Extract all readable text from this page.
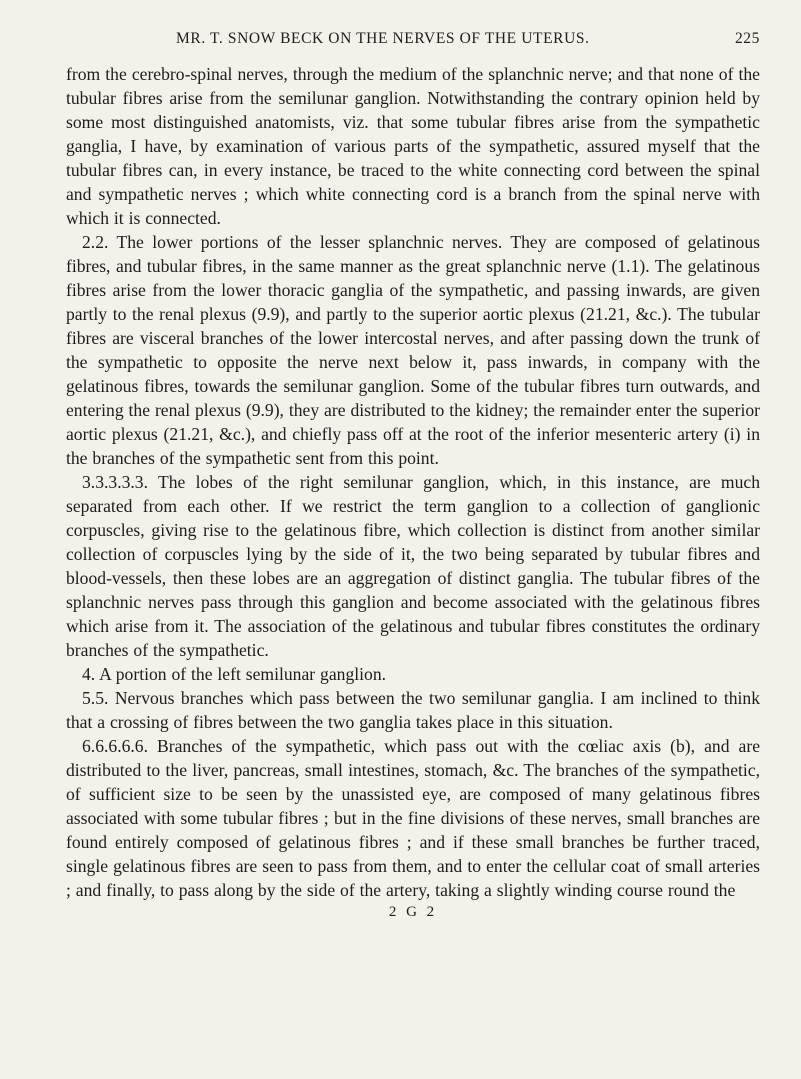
MR. T. SNOW BECK ON THE NERVES OF THE UTERUS.	225

from the cerebro-spinal nerves, through the medium of the splanchnic nerve; and that none of the tubular fibres arise from the semilunar ganglion. Notwithstanding the contrary opinion held by some most distinguished anatomists, viz. that some tubular fibres arise from the sympathetic ganglia, I have, by examination of various parts of the sympathetic, assured myself that the tubular fibres can, in every instance, be traced to the white connecting cord between the spinal and sympathetic nerves ; which white connecting cord is a branch from the spinal nerve with which it is connected.

2.2. The lower portions of the lesser splanchnic nerves. They are composed of gelatinous fibres, and tubular fibres, in the same manner as the great splanchnic nerve (1.1). The gelatinous fibres arise from the lower thoracic ganglia of the sympathetic, and passing inwards, are given partly to the renal plexus (9.9), and partly to the superior aortic plexus (21.21, &c.). The tubular fibres are visceral branches of the lower intercostal nerves, and after passing down the trunk of the sympathetic to opposite the nerve next below it, pass inwards, in company with the gelatinous fibres, towards the semilunar ganglion. Some of the tubular fibres turn outwards, and entering the renal plexus (9.9), they are distributed to the kidney; the remainder enter the superior aortic plexus (21.21, &c.), and chiefly pass off at the root of the inferior mesenteric artery (i) in the branches of the sympathetic sent from this point.

3.3.3.3.3. The lobes of the right semilunar ganglion, which, in this instance, are much separated from each other. If we restrict the term ganglion to a collection of ganglionic corpuscles, giving rise to the gelatinous fibre, which collection is distinct from another similar collection of corpuscles lying by the side of it, the two being separated by tubular fibres and blood-vessels, then these lobes are an aggregation of distinct ganglia. The tubular fibres of the splanchnic nerves pass through this ganglion and become associated with the gelatinous fibres which arise from it. The association of the gelatinous and tubular fibres constitutes the ordinary branches of the sympathetic.

4. A portion of the left semilunar ganglion.

5.5. Nervous branches which pass between the two semilunar ganglia. I am inclined to think that a crossing of fibres between the two ganglia takes place in this situation.

6.6.6.6.6. Branches of the sympathetic, which pass out with the cœliac axis (b), and are distributed to the liver, pancreas, small intestines, stomach, &c. The branches of the sympathetic, of sufficient size to be seen by the unassisted eye, are composed of many gelatinous fibres associated with some tubular fibres ; but in the fine divisions of these nerves, small branches are found entirely composed of gelatinous fibres ; and if these small branches be further traced, single gelatinous fibres are seen to pass from them, and to enter the cellular coat of small arteries ; and finally, to pass along by the side of the artery, taking a slightly winding course round the

2 G 2
